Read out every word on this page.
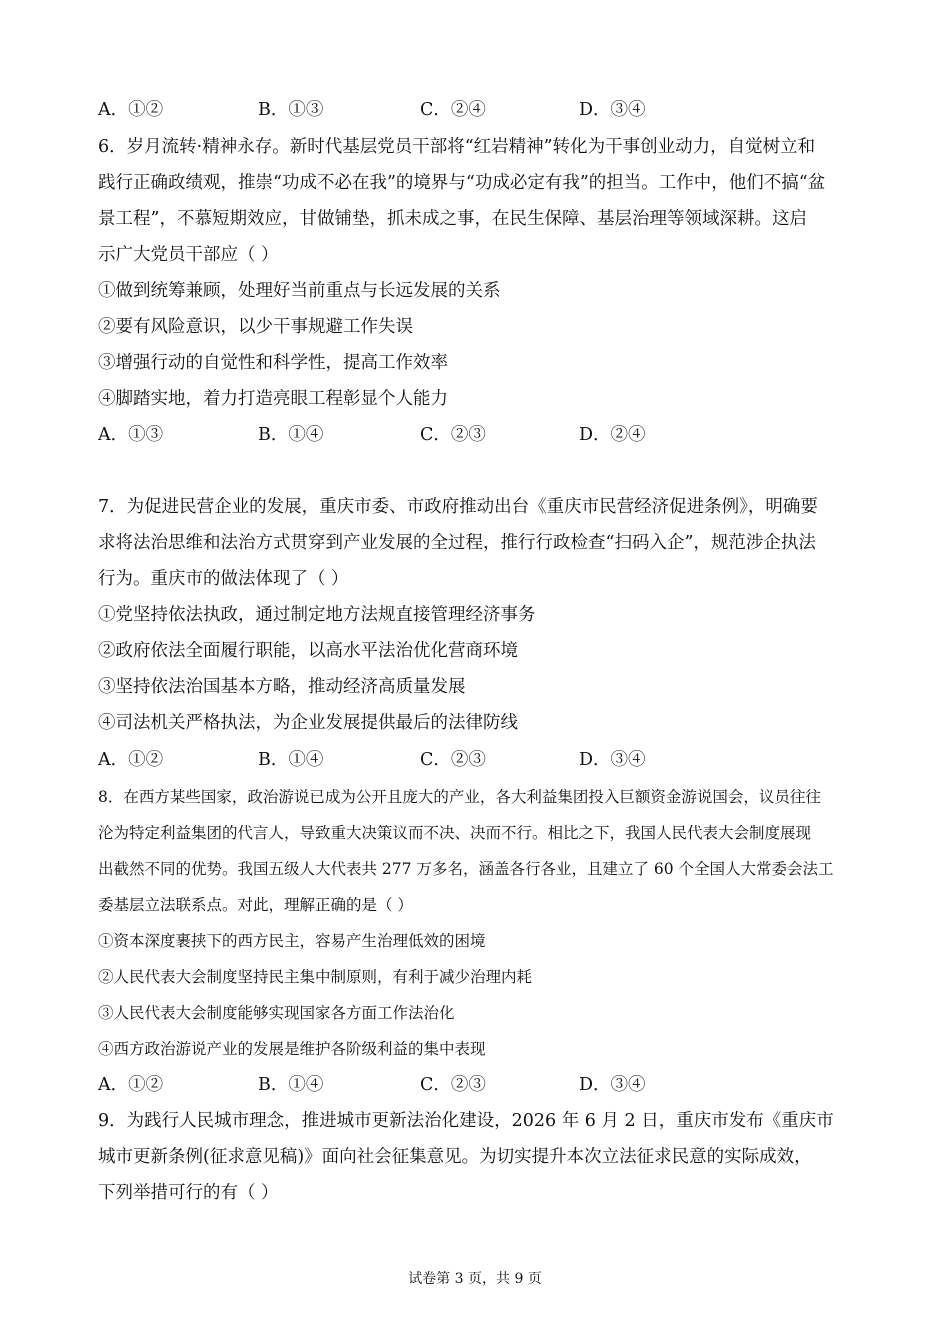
A．①②	B．①③	C．②④	D．③④
6．岁月流转·精神永存。新时代基层党员干部将“红岩精神”转化为干事创业动力，自觉树立和
践行正确政绩观，推崇“功成不必在我”的境界与“功成必定有我”的担当。工作中，他们不搞“盆
景工程”，不慕短期效应，甘做铺垫，抓未成之事，在民生保障、基层治理等领域深耕。这启
示广大党员干部应（ ）
①做到统筹兼顾，处理好当前重点与长远发展的关系
②要有风险意识，以少干事规避工作失误
③增强行动的自觉性和科学性，提高工作效率
④脚踏实地，着力打造亮眼工程彰显个人能力
A．①③	B．①④	C．②③	D．②④
7．为促进民营企业的发展，重庆市委、市政府推动出台《重庆市民营经济促进条例》，明确要
求将法治思维和法治方式贯穿到产业发展的全过程，推行行政检查“扫码入企”，规范涉企执法
行为。重庆市的做法体现了（ ）
①党坚持依法执政，通过制定地方法规直接管理经济事务
②政府依法全面履行职能，以高水平法治优化营商环境
③坚持依法治国基本方略，推动经济高质量发展
④司法机关严格执法，为企业发展提供最后的法律防线
A．①②	B．①④	C．②③	D．③④
8．在西方某些国家，政治游说已成为公开且庞大的产业，各大利益集团投入巨额资金游说国会，议员往往
沦为特定利益集团的代言人，导致重大决策议而不决、决而不行。相比之下，我国人民代表大会制度展现
出截然不同的优势。我国五级人大代表共 277 万多名，涵盖各行各业，且建立了 60 个全国人大常委会法工
委基层立法联系点。对此，理解正确的是（ ）
①资本深度裹挟下的西方民主，容易产生治理低效的困境
②人民代表大会制度坚持民主集中制原则，有利于减少治理内耗
③人民代表大会制度能够实现国家各方面工作法治化
④西方政治游说产业的发展是维护各阶级利益的集中表现
A．①②	B．①④	C．②③	D．③④
9．为践行人民城市理念，推进城市更新法治化建设，2026 年 6 月 2 日，重庆市发布《重庆市
城市更新条例(征求意见稿)》面向社会征集意见。为切实提升本次立法征求民意的实际成效，
下列举措可行的有（ ）
试卷第 3 页，共 9 页
